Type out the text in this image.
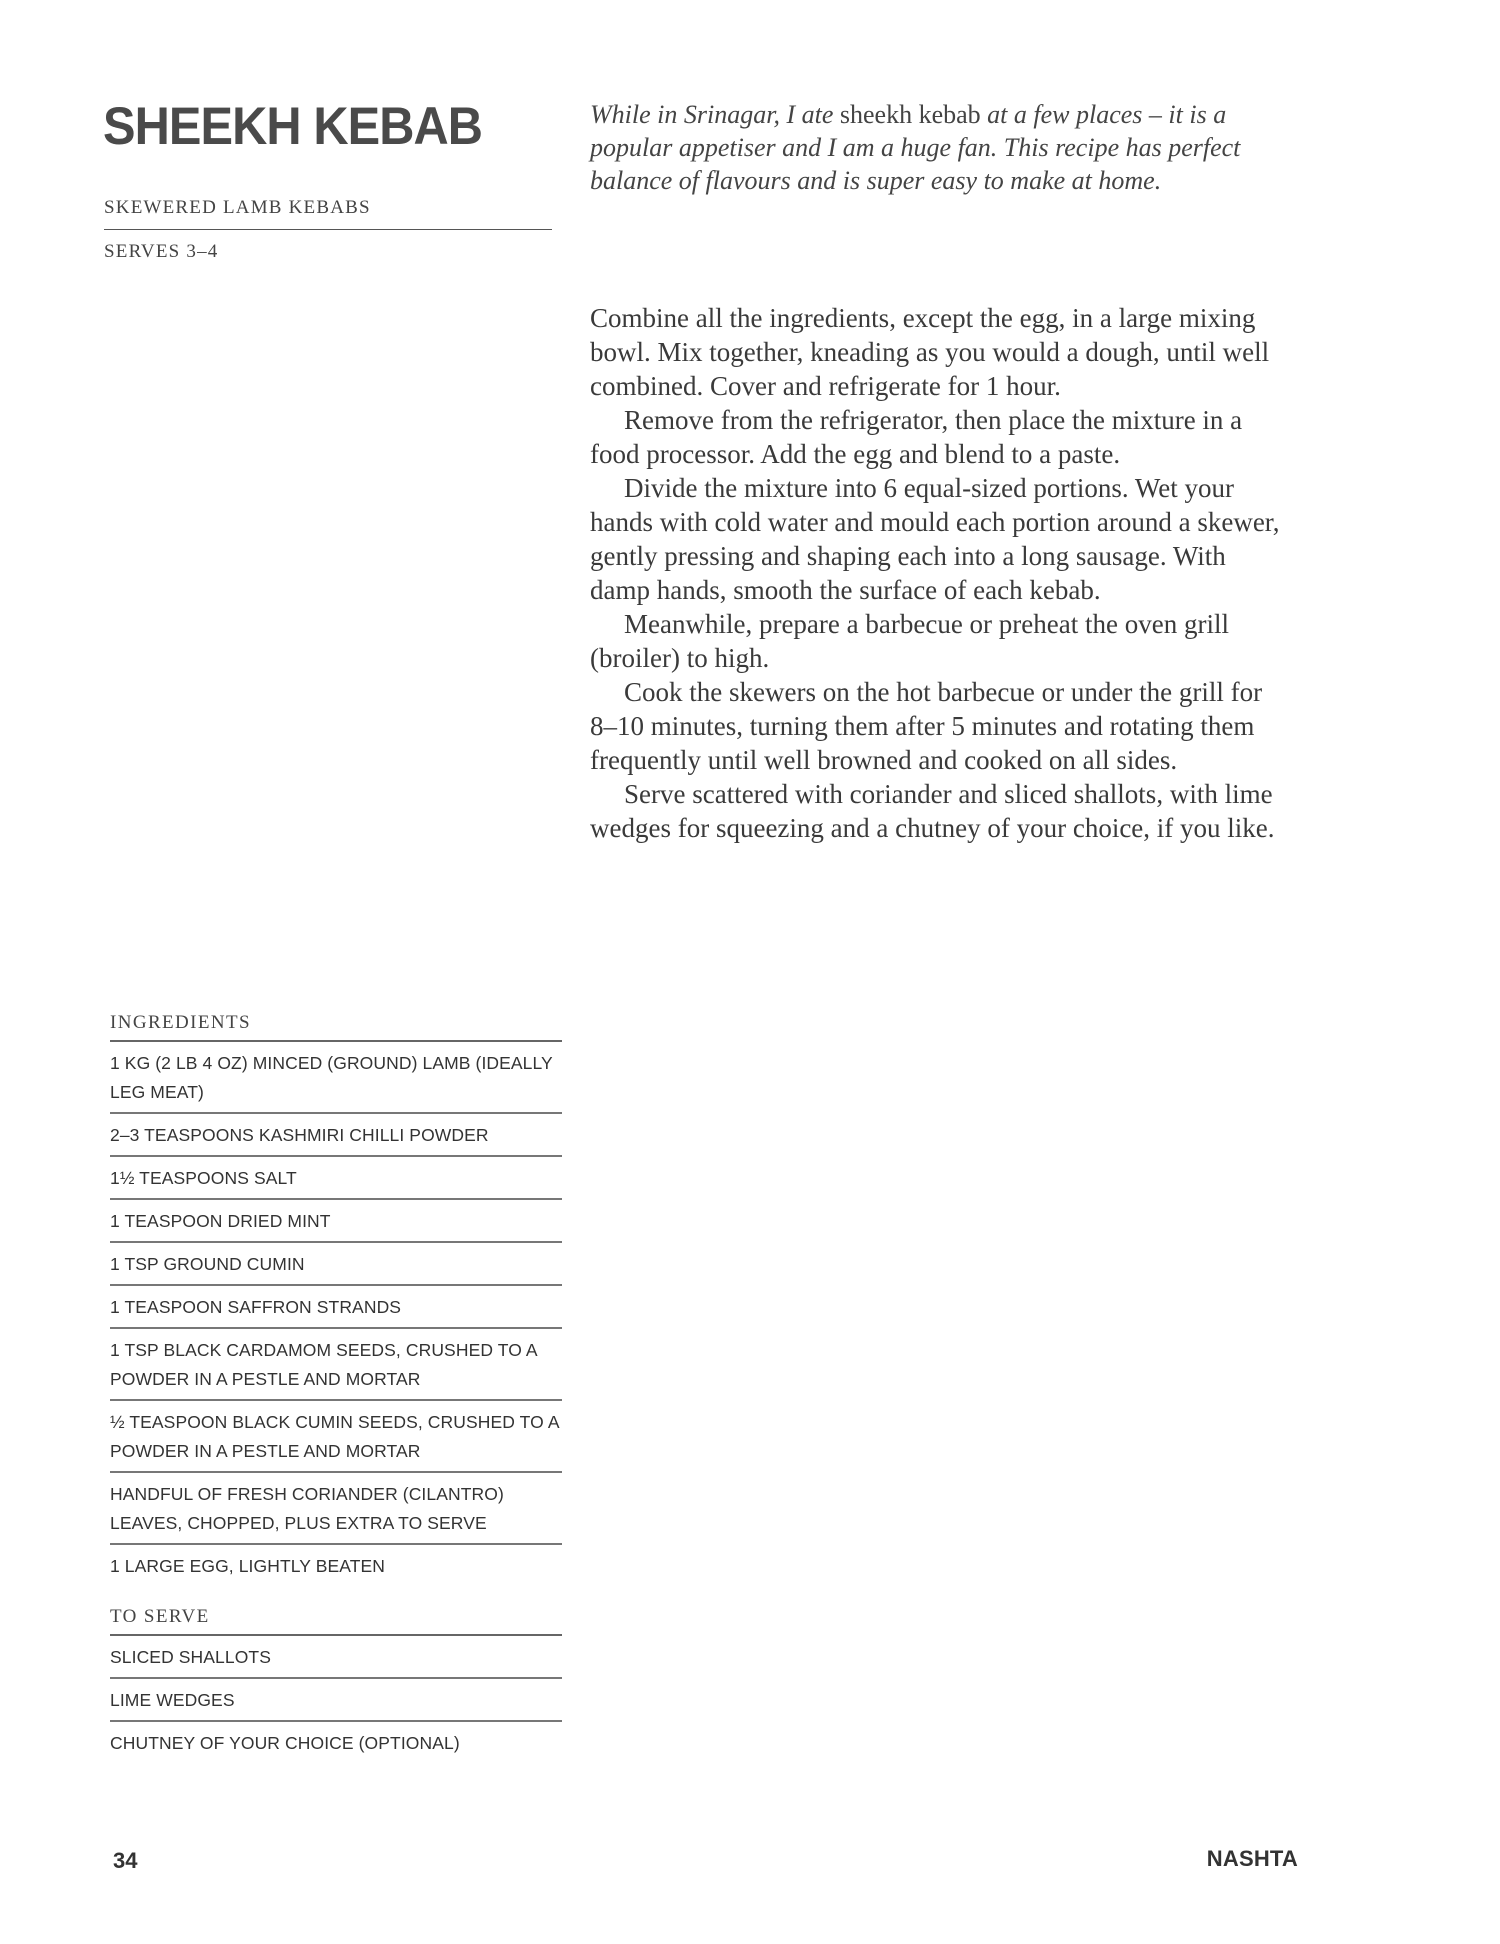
SHEEKH KEBAB
SKEWERED LAMB KEBABS
SERVES 3–4

While in Srinagar, I ate sheekh kebab at a few places – it is a popular appetiser and I am a huge fan. This recipe has perfect balance of flavours and is super easy to make at home.

Combine all the ingredients, except the egg, in a large mixing bowl. Mix together, kneading as you would a dough, until well combined. Cover and refrigerate for 1 hour.

Remove from the refrigerator, then place the mixture in a food processor. Add the egg and blend to a paste.

Divide the mixture into 6 equal-sized portions. Wet your hands with cold water and mould each portion around a skewer, gently pressing and shaping each into a long sausage. With damp hands, smooth the surface of each kebab.

Meanwhile, prepare a barbecue or preheat the oven grill (broiler) to high.

Cook the skewers on the hot barbecue or under the grill for 8–10 minutes, turning them after 5 minutes and rotating them frequently until well browned and cooked on all sides.

Serve scattered with coriander and sliced shallots, with lime wedges for squeezing and a chutney of your choice, if you like.

INGREDIENTS
1 KG (2 LB 4 OZ) MINCED (GROUND) LAMB (IDEALLY LEG MEAT)
2–3 TEASPOONS KASHMIRI CHILLI POWDER
1½ TEASPOONS SALT
1 TEASPOON DRIED MINT
1 TSP GROUND CUMIN
1 TEASPOON SAFFRON STRANDS
1 TSP BLACK CARDAMOM SEEDS, CRUSHED TO A POWDER IN A PESTLE AND MORTAR
½ TEASPOON BLACK CUMIN SEEDS, CRUSHED TO A POWDER IN A PESTLE AND MORTAR
HANDFUL OF FRESH CORIANDER (CILANTRO) LEAVES, CHOPPED, PLUS EXTRA TO SERVE
1 LARGE EGG, LIGHTLY BEATEN
TO SERVE
SLICED SHALLOTS
LIME WEDGES
CHUTNEY OF YOUR CHOICE (OPTIONAL)
34	NASHTA
